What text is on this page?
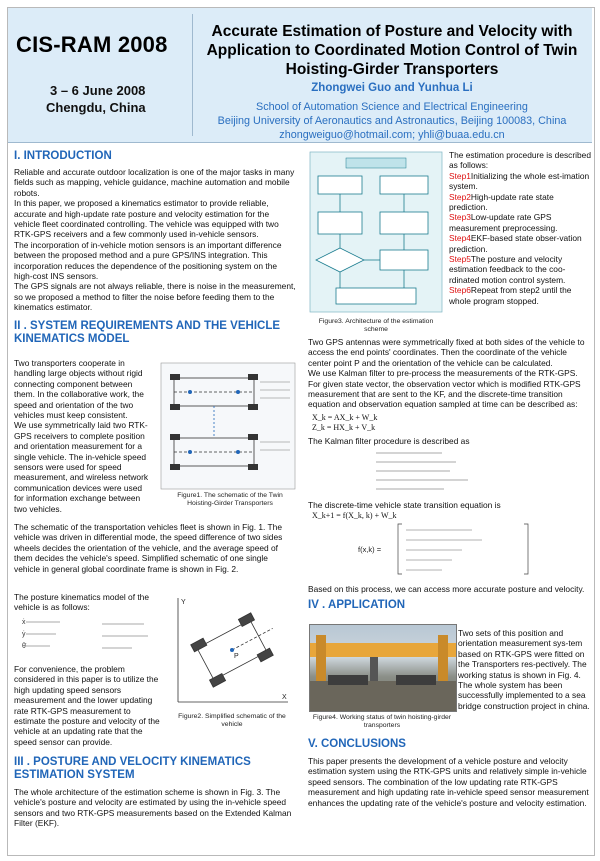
CIS-RAM 2008
3 – 6 June 2008
Chengdu, China
Accurate Estimation of Posture and Velocity with
Application to Coordinated Motion Control of Twin
Hoisting-Girder Transporters
Zhongwei Guo and Yunhua Li
School of Automation Science and Electrical Engineering
Beijing University of Aeronautics and Astronautics, Beijing 100083, China
zhongweiguo@hotmail.com; yhli@buaa.edu.cn
I. INTRODUCTION

Reliable and accurate outdoor localization is one of the major tasks in many fields such as mapping, vehicle guidance, machine automation and mobile robots.

In this paper, we proposed a kinematics estimator to provide reliable, accurate and high-update rate posture and velocity estimation for the vehicle fleet coordinated controlling. The vehicle was equipped with two RTK-GPS receivers and a few commonly used in-vehicle sensors.

The incorporation of in-vehicle motion sensors is an important difference between the proposed method and a pure GPS/INS integration. This incorporation reduces the dependence of the positioning system on the high-cost INS sensors.

The GPS signals are not always reliable, there is noise in the measurement, so we proposed a method to filter the noise before feeding them to the kinematics estimator.

II . SYSTEM REQUIREMENTS AND THE VEHICLE KINEMATICS MODEL

Two transporters cooperate in handling large objects without rigid connecting component between them. In the collaborative work, the speed and orientation of the two vehicles must keep consistent.

We use symmetrically laid two RTK-GPS receivers to complete position and orientation measurement for a single vehicle. The in-vehicle speed sensors were used for speed measurement, and wireless network communication devices were used for information exchange between two vehicles.

Figure1. The schematic of the Twin Hoisting-Girder Transporters

The schematic of the transportation vehicles fleet is shown in Fig. 1. The vehicle was driven in differential mode, the speed difference of two sides wheels decides the orientation of the vehicle, and the average speed of them decides the vehicle's speed. Simplified schematic of one single vehicle in general global coordinate frame is shown in Fig. 2.

The posture kinematics model of the vehicle is as follows:

ẋ
ẏ
θ̇

For convenience, the problem considered in this paper is to utilize the high updating speed sensors measurement and the lower updating rate RTK-GPS measurement to estimate the posture and velocity of the vehicle at an updating rate that the speed sensor can provide.

P
X
Y
Figure2. Simplified schematic of the vehicle
III . POSTURE AND VELOCITY KINEMATICS ESTIMATION SYSTEM

The whole architecture of the estimation scheme is shown in Fig. 3. The vehicle's posture and velocity are estimated by using the in-vehicle speed sensors and two RTK-GPS measurements based on the Extended Kalman Filter (EKF).

Figure3. Architecture of the estimation scheme

The estimation procedure is described as follows:

Step1Initializing the whole est-imation system.
Step2High-update rate state prediction.
Step3Low-update rate GPS measurement preprocessing.
Step4EKF-based state obser-vation prediction.
Step5The posture and velocity estimation feedback to the coo-rdinated motion control system.
Step6Repeat from step2 until the whole program stopped.

Two GPS antennas were symmetrically fixed at both sides of the vehicle to access the end points' coordinates. Then the coordinate of the vehicle center point P and the orientation of the vehicle can be calculated.

We use Kalman filter to pre-process the measurements of the RTK-GPS. For given state vector, the observation vector which is modified RTK-GPS measurement that are sent to the KF, and the discrete-time transition equation and observation equation sampled at time can be described as:

X_k = AX_k + W_k
Z_k = HX_k + V_k

The Kalman filter procedure is described as

The discrete-time vehicle state transition equation is

X_k+1 = f(X_k, k) + W_k
f(x,k) =

Based on this process, we can access more accurate posture and velocity.

IV . APPLICATION
Figure4. Working status of twin hoisting-girder transporters

Two sets of this position and orientation measurement sys-tem based on RTK-GPS were fitted on the Transporters res-pectively. The working status is shown in Fig. 4.

The whole system has been successfully implemented to a sea bridge construction project in china.

V. CONCLUSIONS

This paper presents the development of a vehicle posture and velocity estimation system using the RTK-GPS units and relatively simple in-vehicle speed sensors. The combination of the low updating rate RTK-GPS measurement and high updating rate in-vehicle speed sensor measurement enhances the updating rate of the vehicle's posture and velocity estimation.
